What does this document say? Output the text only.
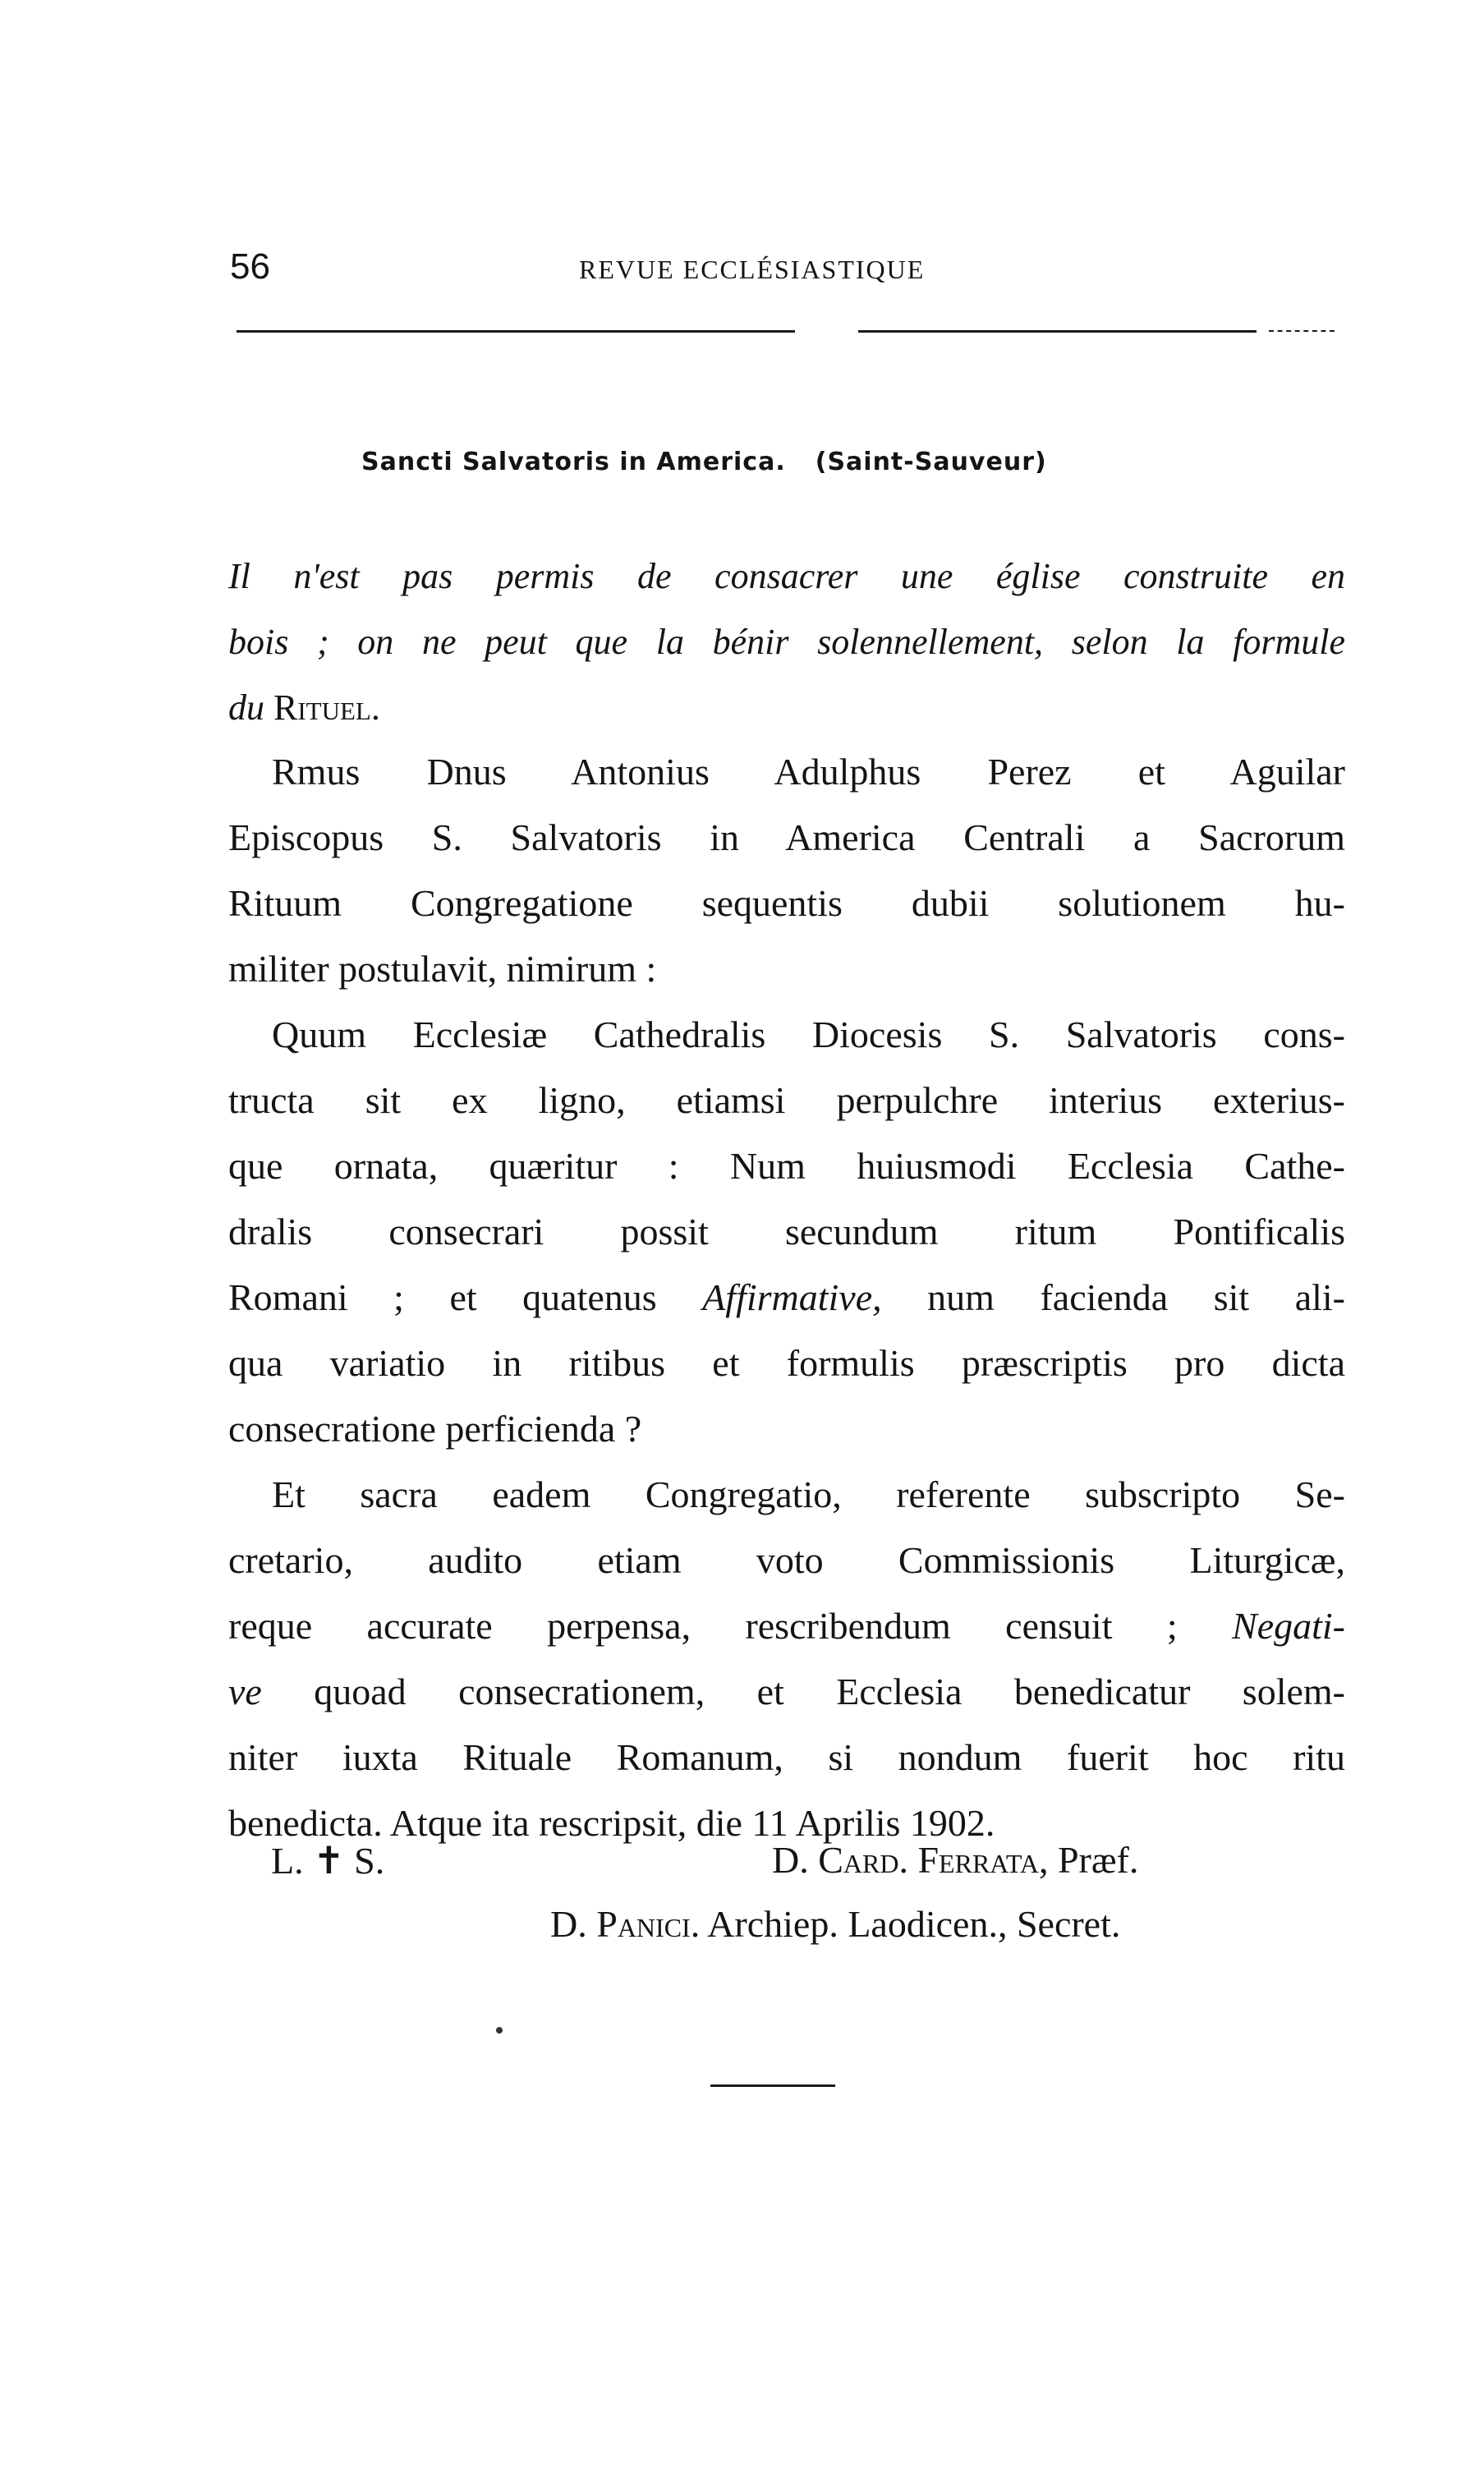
56	REVUE ECCLÉSIASTIQUE
Sancti Salvatoris in America. (Saint-Sauveur)
Il n'est pas permis de consacrer une église construite en
bois ; on ne peut que la bénir solennellement, selon la formule
du Rituel.
Rmus Dnus Antonius Adulphus Perez et Aguilar
Episcopus S. Salvatoris in America Centrali a Sacrorum
Rituum Congregatione sequentis dubii solutionem hu-
militer postulavit, nimirum :
Quum Ecclesiæ Cathedralis Diocesis S. Salvatoris cons-
tructa sit ex ligno, etiamsi perpulchre interius exterius-
que ornata, quæritur : Num huiusmodi Ecclesia Cathe-
dralis consecrari possit secundum ritum Pontificalis
Romani ; et quatenus Affirmative, num facienda sit ali-
qua variatio in ritibus et formulis præscriptis pro dicta
consecratione perficienda ?
Et sacra eadem Congregatio, referente subscripto Se-
cretario, audito etiam voto Commissionis Liturgicæ,
reque accurate perpensa, rescribendum censuit ; Negati-
ve quoad consecrationem, et Ecclesia benedicatur solem-
niter iuxta Rituale Romanum, si nondum fuerit hoc ritu
benedicta. Atque ita rescripsit, die 11 Aprilis 1902.
L. ✝ S.	D. Card. Ferrata, Præf.
D. Panici. Archiep. Laodicen., Secret.
